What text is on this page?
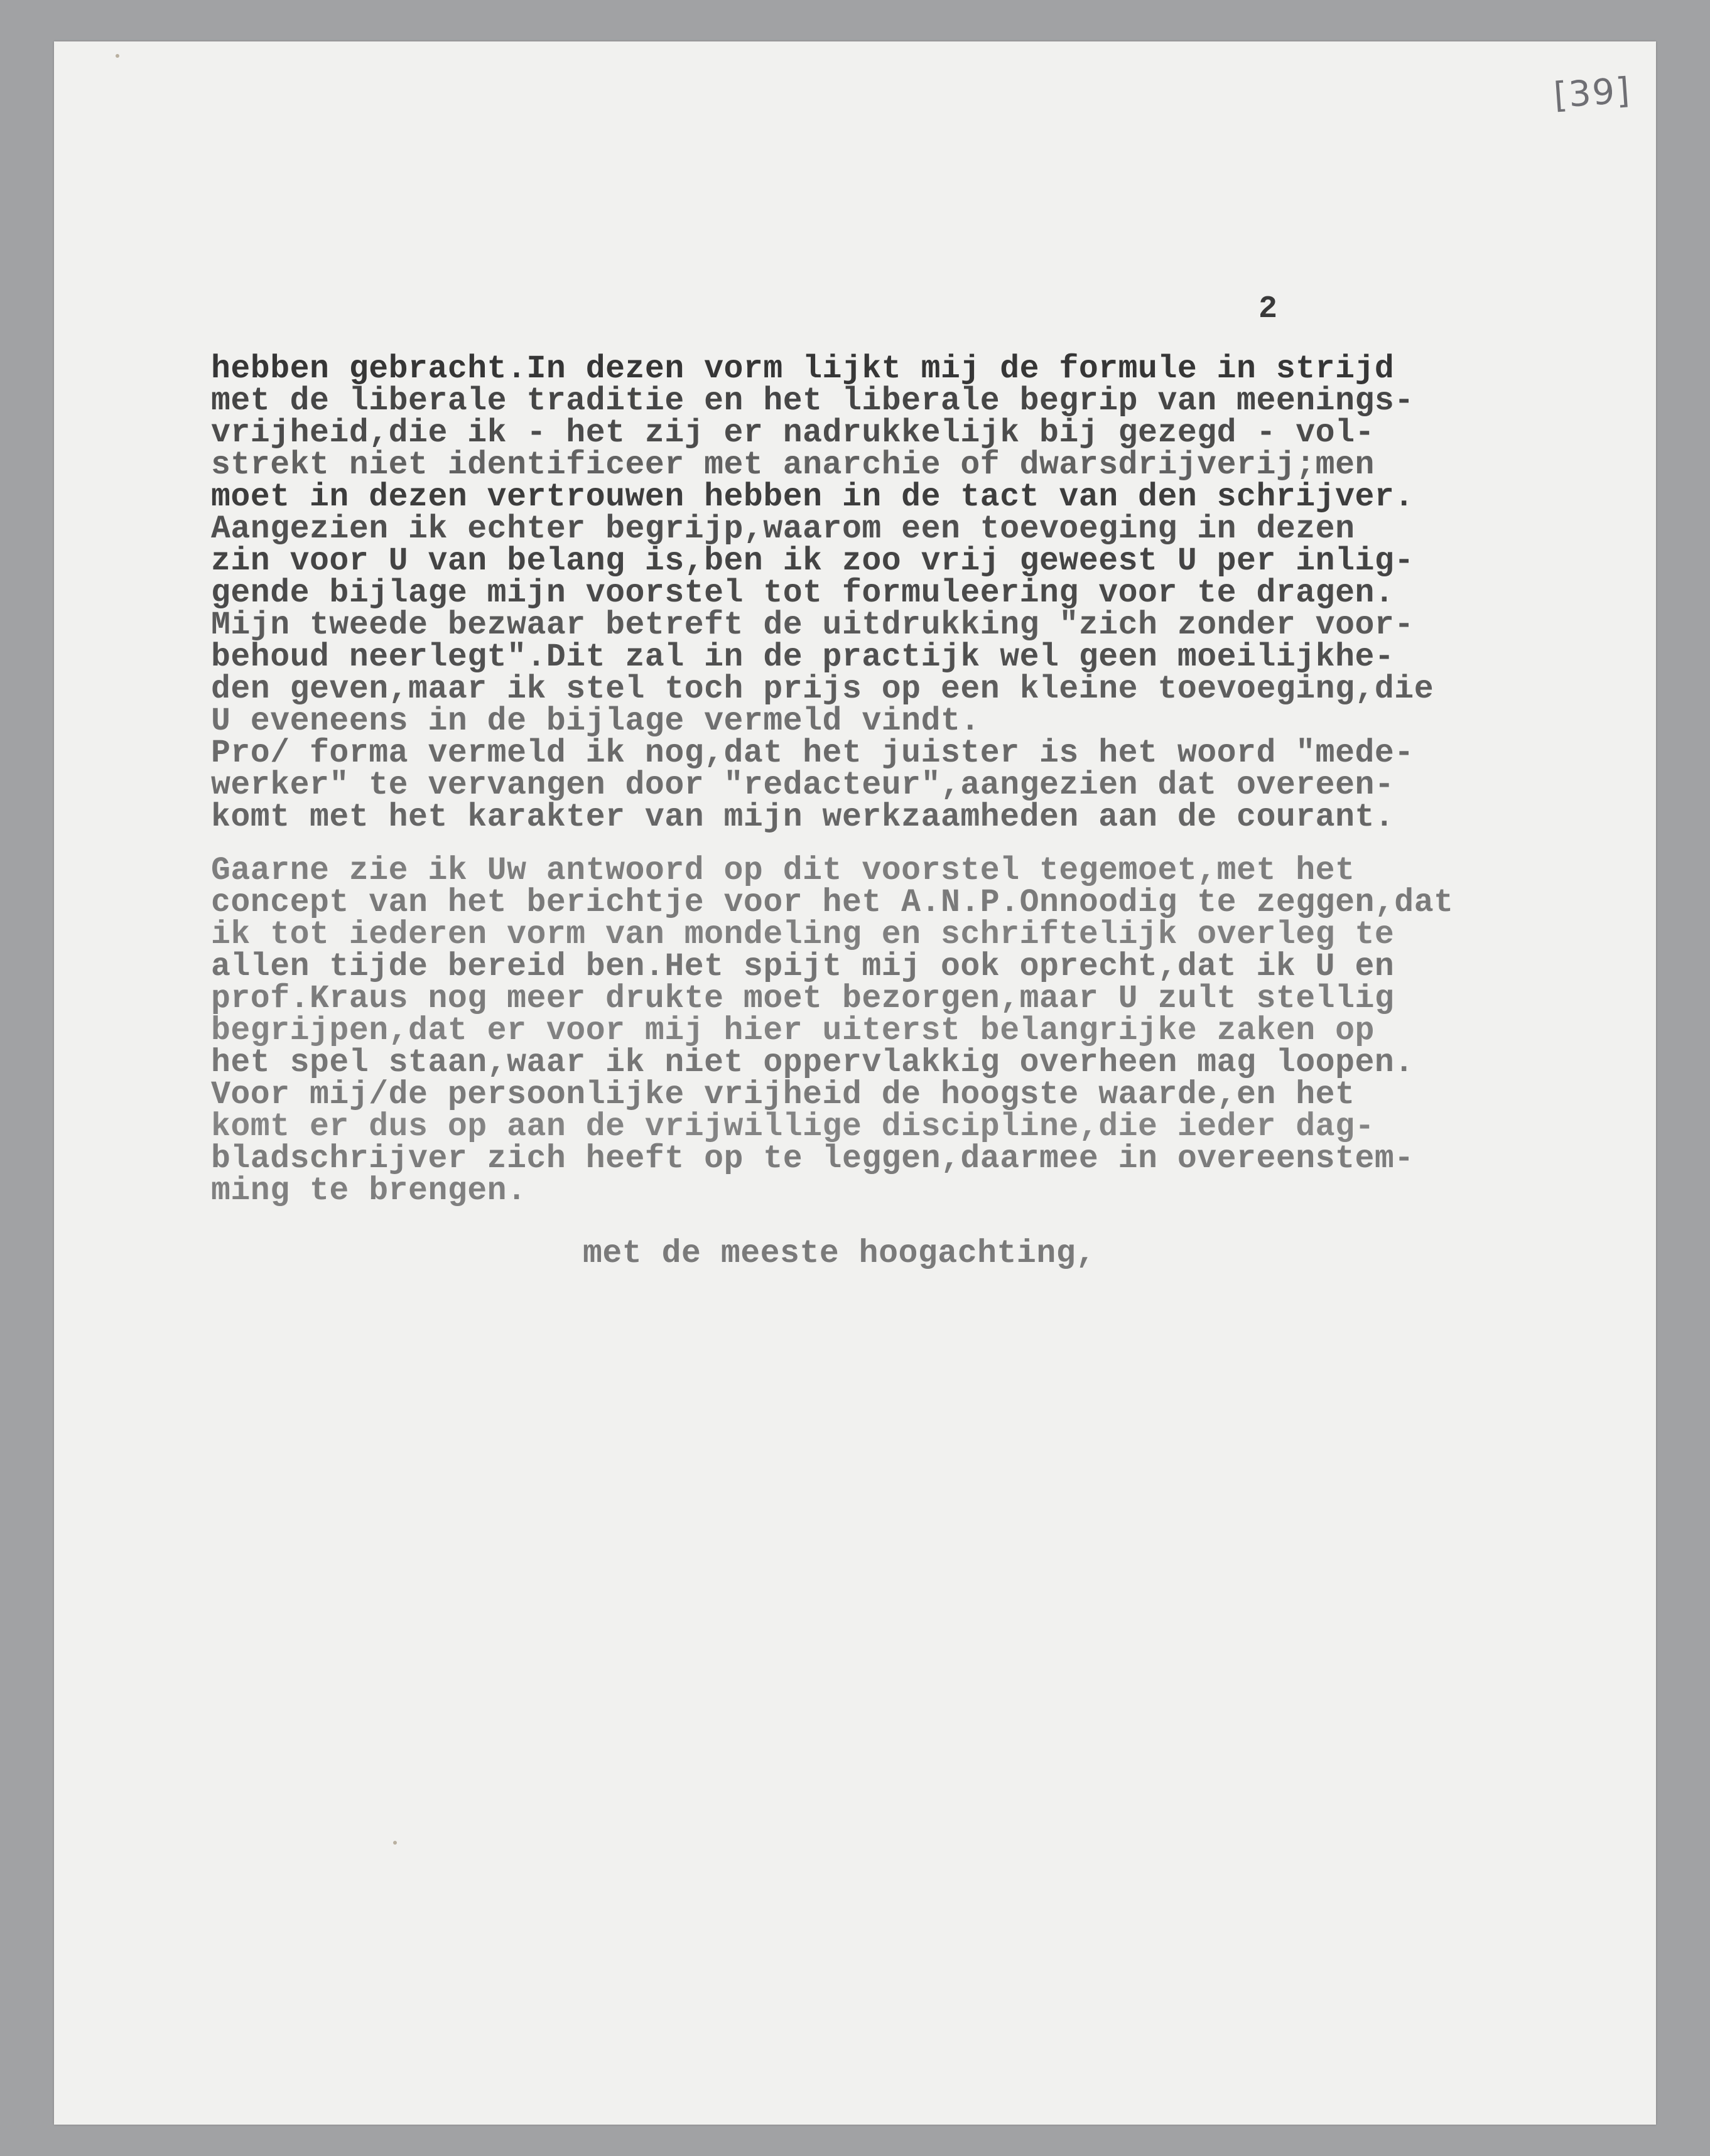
[39]
2
hebben gebracht.In dezen vorm lijkt mij de formule in strijd
met de liberale traditie en het liberale begrip van meenings-
vrijheid,die ik - het zij er nadrukkelijk bij gezegd - vol-
strekt niet identificeer met anarchie of dwarsdrijverij;men
moet in dezen vertrouwen hebben in de tact van den schrijver.
Aangezien ik echter begrijp,waarom een toevoeging in dezen
zin voor U van belang is,ben ik zoo vrij geweest U per inlig-
gende bijlage mijn voorstel tot formuleering voor te dragen.
Mijn tweede bezwaar betreft de uitdrukking "zich zonder voor-
behoud neerlegt".Dit zal in de practijk wel geen moeilijkhe-
den geven,maar ik stel toch prijs op een kleine toevoeging,die
U eveneens in de bijlage vermeld vindt.
Pro/ forma vermeld ik nog,dat het juister is het woord "mede-
werker" te vervangen door "redacteur",aangezien dat overeen-
komt met het karakter van mijn werkzaamheden aan de courant.
Gaarne zie ik Uw antwoord op dit voorstel tegemoet,met het
concept van het berichtje voor het A.N.P.Onnoodig te zeggen,dat
ik tot iederen vorm van mondeling en schriftelijk overleg te
allen tijde bereid ben.Het spijt mij ook oprecht,dat ik U en
prof.Kraus nog meer drukte moet bezorgen,maar U zult stellig
begrijpen,dat er voor mij hier uiterst belangrijke zaken op
het spel staan,waar ik niet oppervlakkig overheen mag loopen.
Voor mij/de persoonlijke vrijheid de hoogste waarde,en het
komt er dus op aan de vrijwillige discipline,die ieder dag-
bladschrijver zich heeft op te leggen,daarmee in overeenstem-
ming te brengen.
met de meeste hoogachting,
